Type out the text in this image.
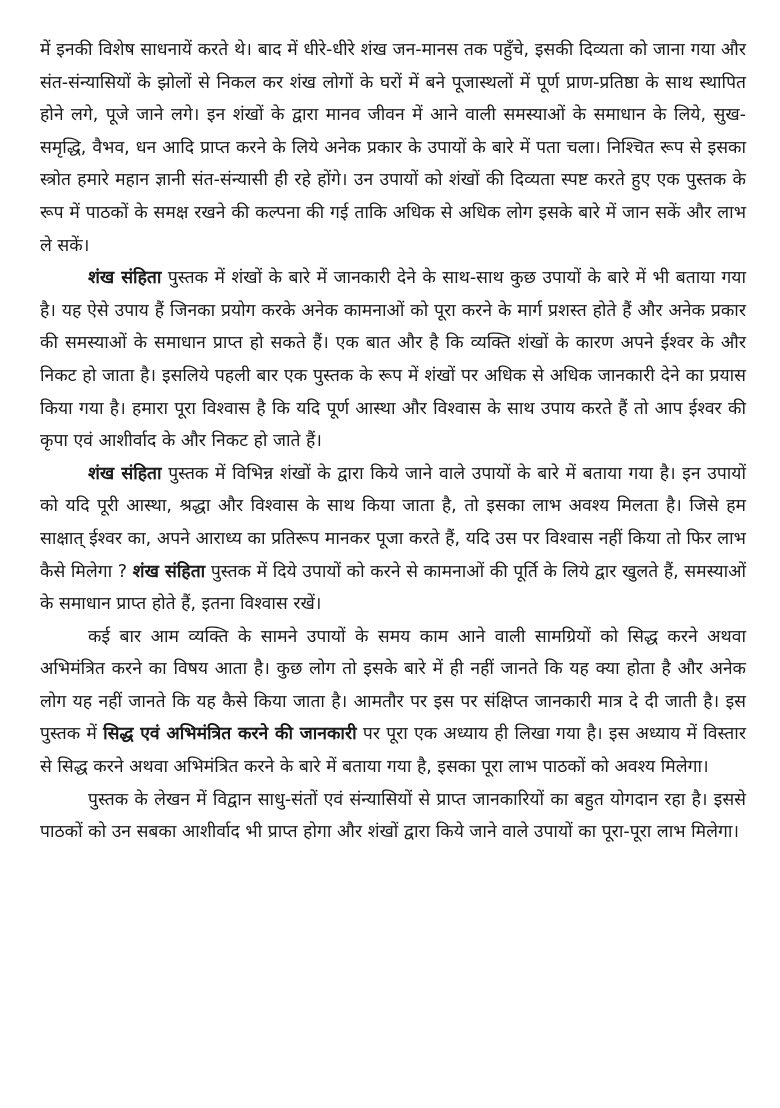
में इनकी विशेष साधनायें करते थे। बाद में धीरे-धीरे शंख जन-मानस तक पहुँचे, इसकी दिव्यता को जाना गया और संत-संन्यासियों के झोलों से निकल कर शंख लोगों के घरों में बने पूजास्थलों में पूर्ण प्राण-प्रतिष्ठा के साथ स्थापित होने लगे, पूजे जाने लगे। इन शंखों के द्वारा मानव जीवन में आने वाली समस्याओं के समाधान के लिये, सुख-समृद्धि, वैभव, धन आदि प्राप्त करने के लिये अनेक प्रकार के उपायों के बारे में पता चला। निश्चित रूप से इसका स्त्रोत हमारे महान ज्ञानी संत-संन्यासी ही रहे होंगे। उन उपायों को शंखों की दिव्यता स्पष्ट करते हुए एक पुस्तक के रूप में पाठकों के समक्ष रखने की कल्पना की गई ताकि अधिक से अधिक लोग इसके बारे में जान सकें और लाभ ले सकें।

शंख संहिता पुस्तक में शंखों के बारे में जानकारी देने के साथ-साथ कुछ उपायों के बारे में भी बताया गया है। यह ऐसे उपाय हैं जिनका प्रयोग करके अनेक कामनाओं को पूरा करने के मार्ग प्रशस्त होते हैं और अनेक प्रकार की समस्याओं के समाधान प्राप्त हो सकते हैं। एक बात और है कि व्यक्ति शंखों के कारण अपने ईश्वर के और निकट हो जाता है। इसलिये पहली बार एक पुस्तक के रूप में शंखों पर अधिक से अधिक जानकारी देने का प्रयास किया गया है। हमारा पूरा विश्वास है कि यदि पूर्ण आस्था और विश्वास के साथ उपाय करते हैं तो आप ईश्वर की कृपा एवं आशीर्वाद के और निकट हो जाते हैं।

शंख संहिता पुस्तक में विभिन्न शंखों के द्वारा किये जाने वाले उपायों के बारे में बताया गया है। इन उपायों को यदि पूरी आस्था, श्रद्धा और विश्वास के साथ किया जाता है, तो इसका लाभ अवश्य मिलता है। जिसे हम साक्षात् ईश्वर का, अपने आराध्य का प्रतिरूप मानकर पूजा करते हैं, यदि उस पर विश्वास नहीं किया तो फिर लाभ कैसे मिलेगा ? शंख संहिता पुस्तक में दिये उपायों को करने से कामनाओं की पूर्ति के लिये द्वार खुलते हैं, समस्याओं के समाधान प्राप्त होते हैं, इतना विश्वास रखें।

कई बार आम व्यक्ति के सामने उपायों के समय काम आने वाली सामग्रियों को सिद्ध करने अथवा अभिमंत्रित करने का विषय आता है। कुछ लोग तो इसके बारे में ही नहीं जानते कि यह क्या होता है और अनेक लोग यह नहीं जानते कि यह कैसे किया जाता है। आमतौर पर इस पर संक्षिप्त जानकारी मात्र दे दी जाती है। इस पुस्तक में सिद्ध एवं अभिमंत्रित करने की जानकारी पर पूरा एक अध्याय ही लिखा गया है। इस अध्याय में विस्तार से सिद्ध करने अथवा अभिमंत्रित करने के बारे में बताया गया है, इसका पूरा लाभ पाठकों को अवश्य मिलेगा।

पुस्तक के लेखन में विद्वान साधु-संतों एवं संन्यासियों से प्राप्त जानकारियों का बहुत योगदान रहा है। इससे पाठकों को उन सबका आशीर्वाद भी प्राप्त होगा और शंखों द्वारा किये जाने वाले उपायों का पूरा-पूरा लाभ मिलेगा।
